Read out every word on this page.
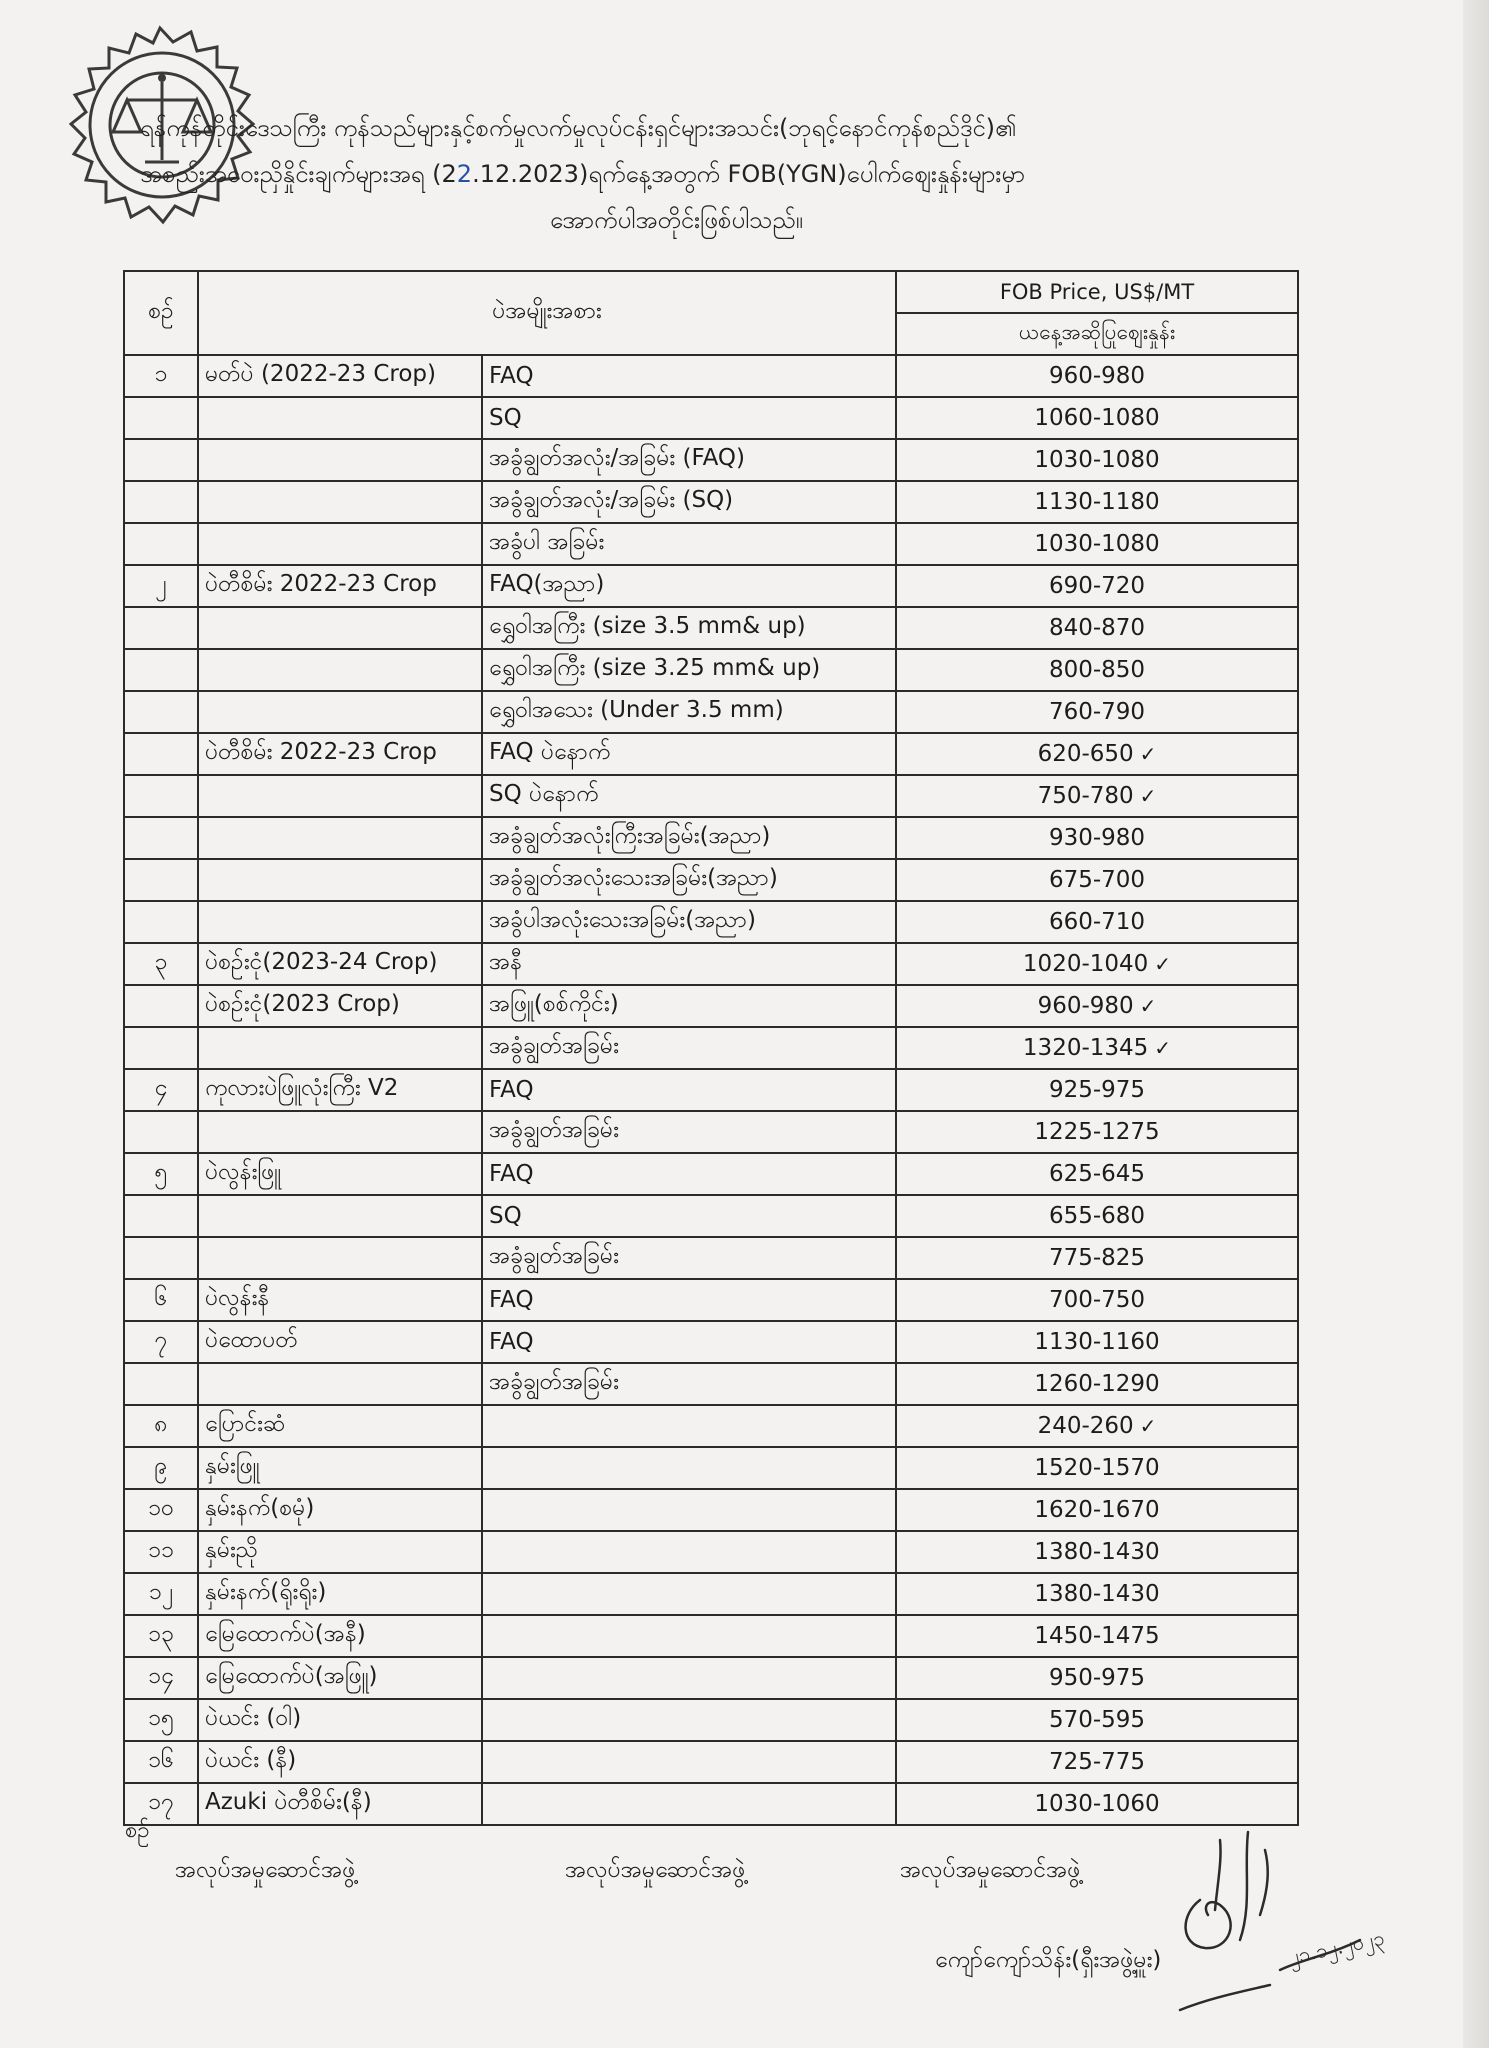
ရန်ကုန်တိုင်းဒေသကြီး ကုန်သည်များနှင့်စက်မှုလက်မှုလုပ်ငန်းရှင်များအသင်း(ဘုရင့်နောင်ကုန်စည်ဒိုင်)၏
အစည်းအဝေးညှိနှိုင်းချက်များအရ (22.12.2023)ရက်နေ့အတွက် FOB(YGN)ပေါက်ဈေးနှုန်းများမှာ
အောက်ပါအတိုင်းဖြစ်ပါသည်။
စဉ်	ပဲအမျိုးအစား		FOB Price, US$/MT
			ယနေ့အဆိုပြုဈေးနှုန်း
၁	မတ်ပဲ (2022-23 Crop)	FAQ	960-980
		SQ	1060-1080
		အခွံချွတ်အလုံး/အခြမ်း (FAQ)	1030-1080
		အခွံချွတ်အလုံး/အခြမ်း (SQ)	1130-1180
		အခွံပါ အခြမ်း	1030-1080
၂	ပဲတီစိမ်း 2022-23 Crop	FAQ(အညာ)	690-720
		ရွှေဝါအကြီး (size 3.5 mm& up)	840-870
		ရွှေဝါအကြီး (size 3.25 mm& up)	800-850
		ရွှေဝါအသေး (Under 3.5 mm)	760-790
	ပဲတီစိမ်း 2022-23 Crop	FAQ ပဲနောက်	620-650 ✓
		SQ ပဲနောက်	750-780 ✓
		အခွံချွတ်အလုံးကြီးအခြမ်း(အညာ)	930-980
		အခွံချွတ်အလုံးသေးအခြမ်း(အညာ)	675-700
		အခွံပါအလုံးသေးအခြမ်း(အညာ)	660-710
၃	ပဲစဉ်းငုံ(2023-24 Crop)	အနီ	1020-1040 ✓
	ပဲစဉ်းငုံ(2023 Crop)	အဖြူ(စစ်ကိုင်း)	960-980 ✓
		အခွံချွတ်အခြမ်း	1320-1345 ✓
၄	ကုလားပဲဖြူလုံးကြီး V2	FAQ	925-975
		အခွံချွတ်အခြမ်း	1225-1275
၅	ပဲလွန်းဖြူ	FAQ	625-645
		SQ	655-680
		အခွံချွတ်အခြမ်း	775-825
၆	ပဲလွန်းနီ	FAQ	700-750
၇	ပဲထောပတ်	FAQ	1130-1160
		အခွံချွတ်အခြမ်း	1260-1290
၈	ပြောင်းဆံ		240-260 ✓
၉	နှမ်းဖြူ		1520-1570
၁၀	နှမ်းနက်(စမုံ)		1620-1670
၁၁	နှမ်းညို		1380-1430
၁၂	နှမ်းနက်(ရိုးရိုး)		1380-1430
၁၃	မြေထောက်ပဲ(အနီ)		1450-1475
၁၄	မြေထောက်ပဲ(အဖြူ)		950-975
၁၅	ပဲယင်း (ဝါ)		570-595
၁၆	ပဲယင်း (နီ)		725-775
၁၇	Azuki ပဲတီစိမ်း(နီ)		1030-1060
စဉ်
အလုပ်အမှုဆောင်အဖွဲ့	အလုပ်အမှုဆောင်အဖွဲ့	အလုပ်အမှုဆောင်အဖွဲ့
ကျော်ကျော်သိန်း(ရှီးအဖွဲ့မှူး)	၂၁.၁၂.၂၀၂၃
